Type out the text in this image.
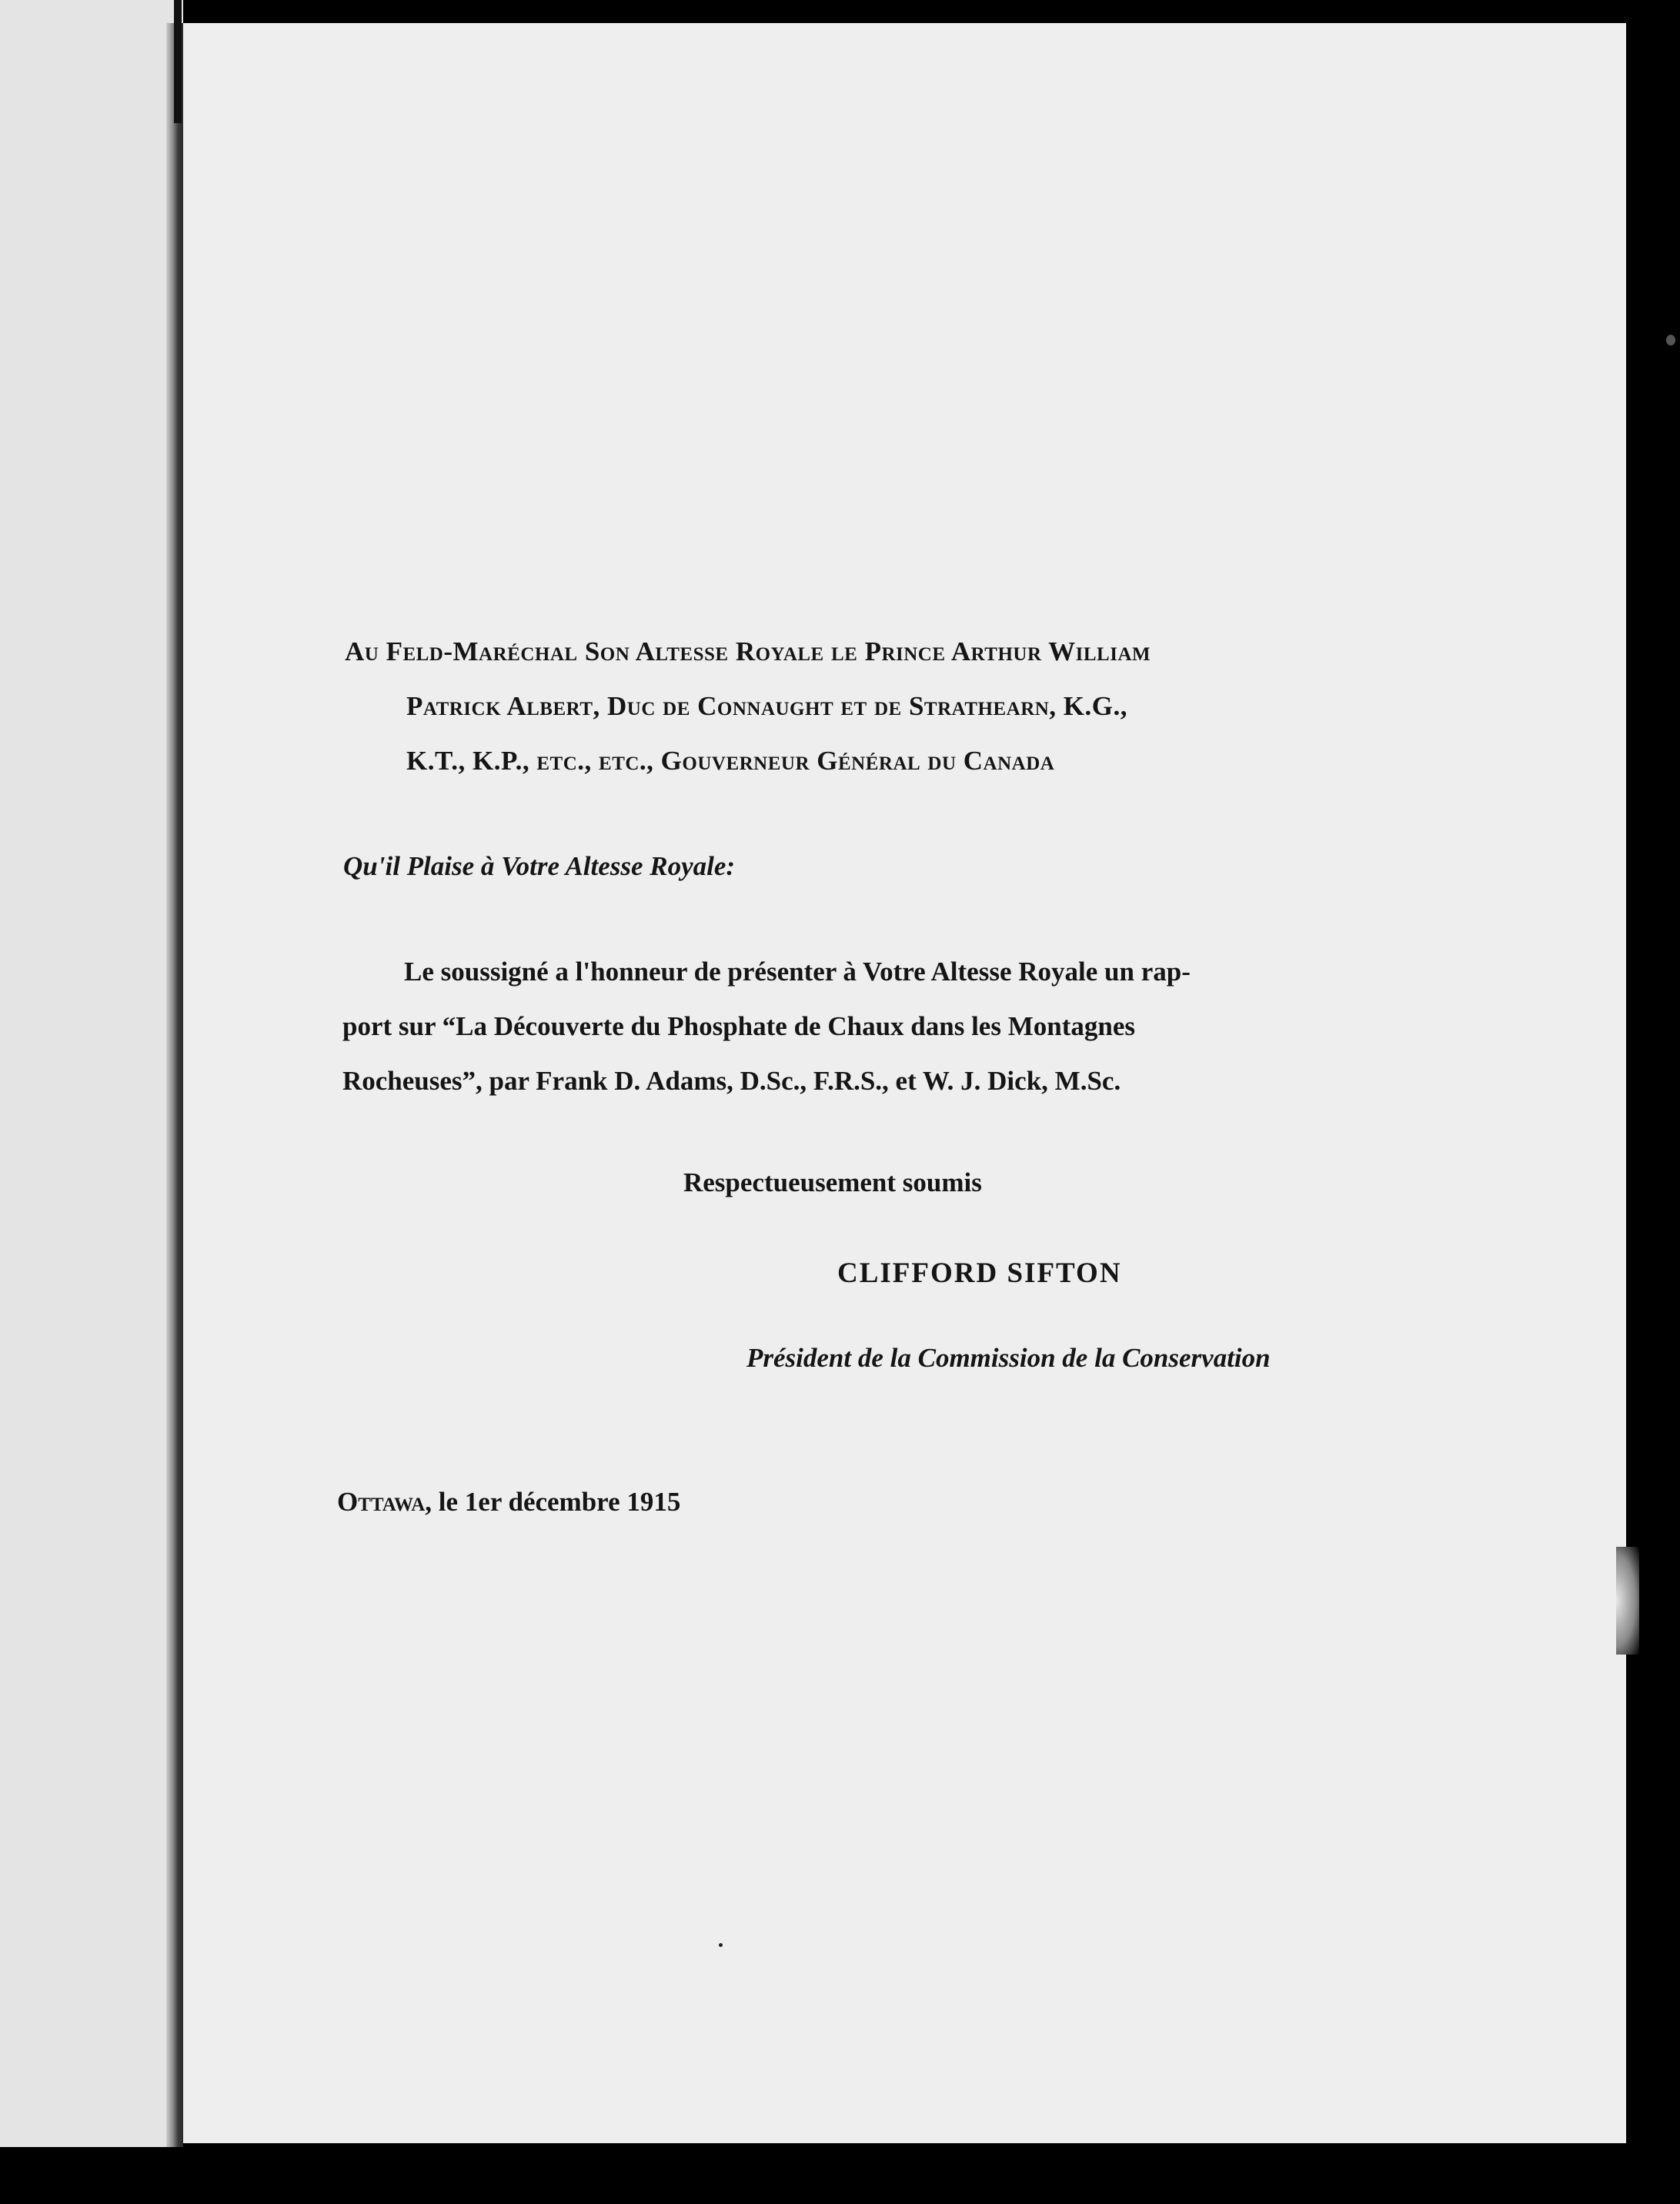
Au Feld-Maréchal Son Altesse Royale le Prince Arthur William
Patrick Albert, Duc de Connaught et de Strathearn, K.G.,
K.T., K.P., etc., etc., Gouverneur Général du Canada
Qu'il Plaise à Votre Altesse Royale:
Le soussigné a l'honneur de présenter à Votre Altesse Royale un rap-
port sur “La Découverte du Phosphate de Chaux dans les Montagnes
Rocheuses”, par Frank D. Adams, D.Sc., F.R.S., et W. J. Dick, M.Sc.
Respectueusement soumis
CLIFFORD SIFTON
Président de la Commission de la Conservation
Ottawa, le 1er décembre 1915
